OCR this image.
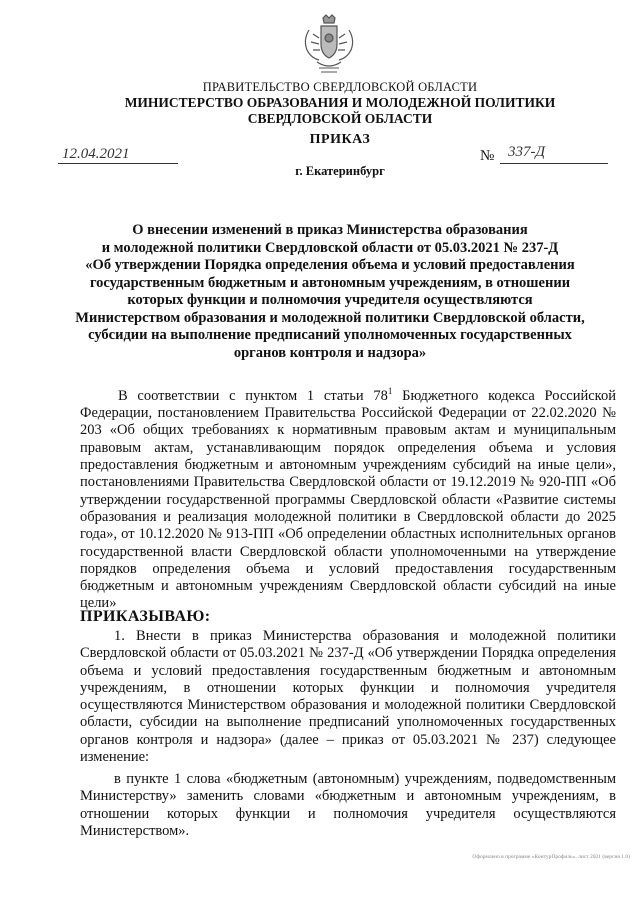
ПРАВИТЕЛЬСТВО СВЕРДЛОВСКОЙ ОБЛАСТИ
МИНИСТЕРСТВО ОБРАЗОВАНИЯ И МОЛОДЕЖНОЙ ПОЛИТИКИ
СВЕРДЛОВСКОЙ ОБЛАСТИ
ПРИКАЗ
12.04.2021	№ 337-Д
г. Екатеринбург
О внесении изменений в приказ Министерства образования
и молодежной политики Свердловской области от 05.03.2021 № 237-Д
«Об утверждении Порядка определения объема и условий предоставления
государственным бюджетным и автономным учреждениям, в отношении
которых функции и полномочия учредителя осуществляются
Министерством образования и молодежной политики Свердловской области,
субсидии на выполнение предписаний уполномоченных государственных
органов контроля и надзора»
В соответствии с пунктом 1 статьи $78^1$ Бюджетного кодекса Российской Федерации, постановлением Правительства Российской Федерации от 22.02.2020 № 203 «Об общих требованиях к нормативным правовым актам и муниципальным правовым актам, устанавливающим порядок определения объема и условия предоставления бюджетным и автономным учреждениям субсидий на иные цели», постановлениями Правительства Свердловской области от 19.12.2019 № 920-ПП «Об утверждении государственной программы Свердловской области «Развитие системы образования и реализация молодежной политики в Свердловской области до 2025 года», от 10.12.2020 № 913-ПП «Об определении областных исполнительных органов государственной власти Свердловской области уполномоченными на утверждение порядков определения объема и условий предоставления государственным бюджетным и автономным учреждениям Свердловской области субсидий на иные цели»
ПРИКАЗЫВАЮ:
1. Внести в приказ Министерства образования и молодежной политики Свердловской области от 05.03.2021 № 237-Д «Об утверждении Порядка определения объема и условий предоставления государственным бюджетным и автономным учреждениям, в отношении которых функции и полномочия учредителя осуществляются Министерством образования и молодежной политики Свердловской области, субсидии на выполнение предписаний уполномоченных государственных органов контроля и надзора» (далее – приказ от 05.03.2021 № 237) следующее изменение:
в пункте 1 слова «бюджетным (автономным) учреждениям, подведомственным Министерству» заменить словами «бюджетным и автономным учреждениям, в отношении которых функции и полномочия учредителя осуществляются Министерством».
Оформлено в программе «КонтурПрофиль», лист 2021 (версия 1.0)
